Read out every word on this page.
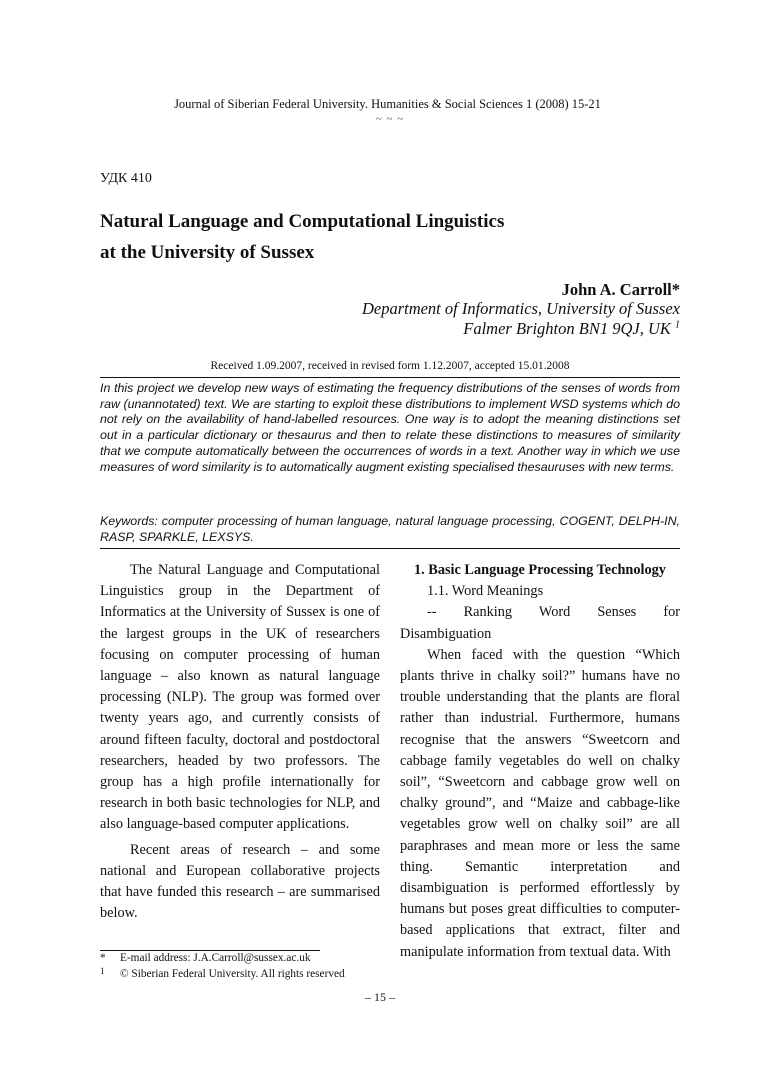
Journal of Siberian Federal University. Humanities & Social Sciences 1 (2008) 15-21
~ ~ ~
УДК 410
Natural Language and Computational Linguistics
at the University of Sussex
John A. Carroll*
Department of Informatics, University of Sussex
Falmer Brighton BN1 9QJ, UK $^1$
Received 1.09.2007, received in revised form 1.12.2007, accepted 15.01.2008
In this project we develop new ways of estimating the frequency distributions of the senses of words from raw (unannotated) text. We are starting to exploit these distributions to implement WSD systems which do not rely on the availability of hand-labelled resources. One way is to adopt the meaning distinctions set out in a particular dictionary or thesaurus and then to relate these distinctions to measures of similarity that we compute automatically between the occurrences of words in a text. Another way in which we use measures of word similarity is to automatically augment existing specialised thesauruses with new terms.
Keywords: computer processing of human language, natural language processing, COGENT, DELPH-IN, RASP, SPARKLE, LEXSYS.

The Natural Language and Computational Linguistics group in the Department of Informatics at the University of Sussex is one of the largest groups in the UK of researchers focusing on computer processing of human language – also known as natural language processing (NLP). The group was formed over twenty years ago, and currently consists of around fifteen faculty, doctoral and postdoctoral researchers, headed by two professors. The group has a high profile internationally for research in both basic technologies for NLP, and also language-based computer applications.

Recent areas of research – and some national and European collaborative projects that have funded this research – are summarised below.

1. Basic Language Processing Technology

1.1. Word Meanings

-- Ranking Word Senses for Disambiguation

When faced with the question “Which plants thrive in chalky soil?” humans have no trouble understanding that the plants are floral rather than industrial. Furthermore, humans recognise that the answers “Sweetcorn and cabbage family vegetables do well on chalky soil”, “Sweetcorn and cabbage grow well on chalky ground”, and “Maize and cabbage-like vegetables grow well on chalky soil” are all paraphrases and mean more or less the same thing. Semantic interpretation and disambiguation is performed effortlessly by humans but poses great difficulties to computer-based applications that extract, filter and manipulate information from textual data. With

* E-mail address: J.A.Carroll@sussex.ac.uk
1 © Siberian Federal University. All rights reserved
– 15 –
